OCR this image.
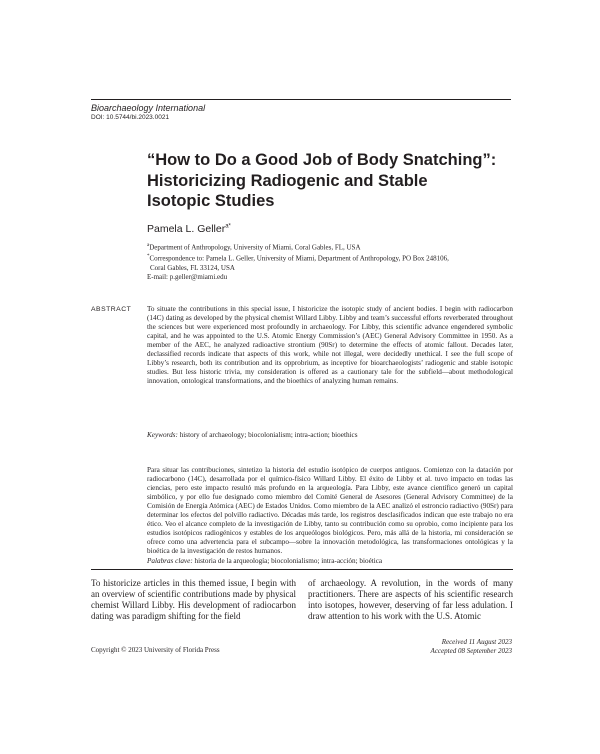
Bioarchaeology International
DOI: 10.5744/bi.2023.0021
“How to Do a Good Job of Body Snatching”:
Historicizing Radiogenic and Stable
Isotopic Studies
Pamela L. Geller$^{a*}$
$^a$Department of Anthropology, University of Miami, Coral Gables, FL, USA
*Correspondence to: Pamela L. Geller, University of Miami, Department of Anthropology, PO Box 248106,
Coral Gables, FL 33124, USA
E-mail: p.geller@miami.edu
ABSTRACT To situate the contributions in this special issue, I historicize the isotopic study of ancient bodies. I begin with radiocarbon (14C) dating as developed by the physical chemist Willard Libby. Libby and team’s successful efforts reverberated throughout the sciences but were experienced most profoundly in archaeology. For Libby, this scientific advance engendered symbolic capital, and he was appointed to the U.S. Atomic Energy Commission’s (AEC) General Advisory Committee in 1950. As a member of the AEC, he analyzed radioactive strontium (90Sr) to determine the effects of atomic fallout. Decades later, declassified records indicate that aspects of this work, while not illegal, were decidedly unethical. I see the full scope of Libby’s research, both its contribution and its opprobrium, as inceptive for bioarchaeologists’ radiogenic and stable isotopic studies. But less historic trivia, my consideration is offered as a cautionary tale for the subfield—about methodological innovation, ontological transformations, and the bioethics of analyzing human remains.
Keywords: history of archaeology; biocolonialism; intra-action; bioethics
Para situar las contribuciones, sintetizo la historia del estudio isotópico de cuerpos antiguos. Comienzo con la datación por radiocarbono (14C), desarrollada por el químico-físico Willard Libby. El éxito de Libby et al. tuvo impacto en todas las ciencias, pero este impacto resultó más profundo en la arqueología. Para Libby, este avance científico generó un capital simbólico, y por ello fue designado como miembro del Comité General de Asesores (General Advisory Committee) de la Comisión de Energía Atómica (AEC) de Estados Unidos. Como miembro de la AEC analizó el estroncio radiactivo (90Sr) para determinar los efectos del polvillo radiactivo. Décadas más tarde, los registros desclasificados indican que este trabajo no era ético. Veo el alcance completo de la investigación de Libby, tanto su contribución como su oprobio, como incipiente para los estudios isotópicos radiogénicos y estables de los arqueólogos biológicos. Pero, más allá de la historia, mi consideración se ofrece como una advertencia para el subcampo—sobre la innovación metodológica, las transformaciones ontológicas y la bioética de la investigación de restos humanos.
Palabras clave: historia de la arqueología; biocolonialismo; intra-acción; bioética
To historicize articles in this themed issue, I begin with an overview of scientific contributions made by physical chemist Willard Libby. His development of radiocarbon dating was paradigm shifting for the field
of archaeology. A revolution, in the words of many practitioners. There are aspects of his scientific research into isotopes, however, deserving of far less adulation. I draw attention to his work with the U.S. Atomic
Received 11 August 2023
Accepted 08 September 2023
Copyright © 2023 University of Florida Press
